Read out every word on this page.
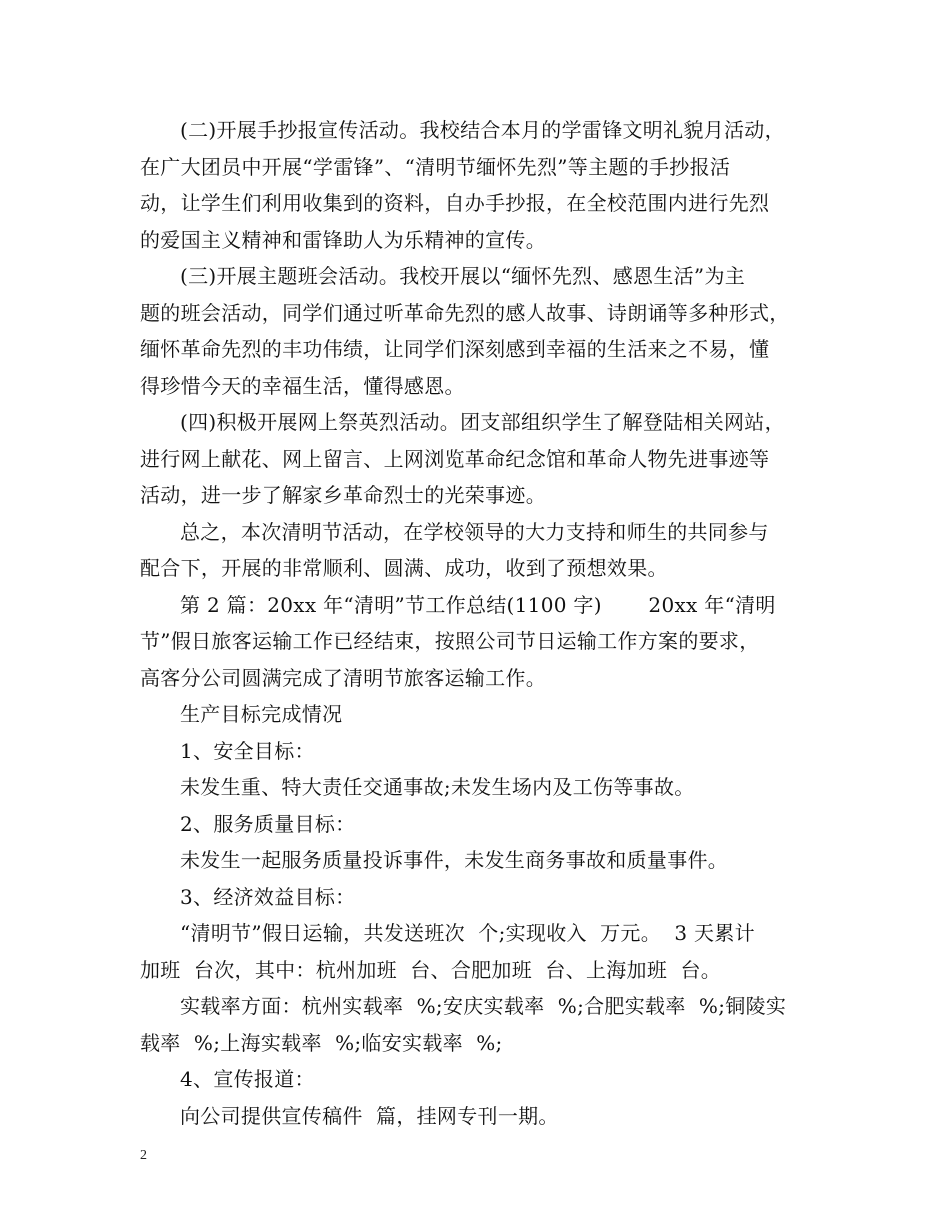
(二)开展手抄报宣传活动。我校结合本月的学雷锋文明礼貌月活动，
在广大团员中开展“学雷锋”、“清明节缅怀先烈”等主题的手抄报活
动，让学生们利用收集到的资料，自办手抄报，在全校范围内进行先烈
的爱国主义精神和雷锋助人为乐精神的宣传。
(三)开展主题班会活动。我校开展以“缅怀先烈、感恩生活”为主
题的班会活动，同学们通过听革命先烈的感人故事、诗朗诵等多种形式，
缅怀革命先烈的丰功伟绩，让同学们深刻感到幸福的生活来之不易，懂
得珍惜今天的幸福生活，懂得感恩。
(四)积极开展网上祭英烈活动。团支部组织学生了解登陆相关网站，
进行网上献花、网上留言、上网浏览革命纪念馆和革命人物先进事迹等
活动，进一步了解家乡革命烈士的光荣事迹。
总之，本次清明节活动，在学校领导的大力支持和师生的共同参与
配合下，开展的非常顺利、圆满、成功，收到了预想效果。
第 2 篇：20xx 年“清明”节工作总结(1100 字)       20xx 年“清明
节”假日旅客运输工作已经结束，按照公司节日运输工作方案的要求，
高客分公司圆满完成了清明节旅客运输工作。
生产目标完成情况
1、安全目标：
未发生重、特大责任交通事故;未发生场内及工伤等事故。
2、服务质量目标：
未发生一起服务质量投诉事件，未发生商务事故和质量事件。
3、经济效益目标：
“清明节”假日运输，共发送班次  个;实现收入  万元。  3 天累计
加班  台次，其中：杭州加班  台、合肥加班  台、上海加班  台。
实载率方面：杭州实载率  %;安庆实载率  %;合肥实载率  %;铜陵实
载率  %;上海实载率  %;临安实载率  %;
4、宣传报道：
向公司提供宣传稿件  篇，挂网专刊一期。
2
